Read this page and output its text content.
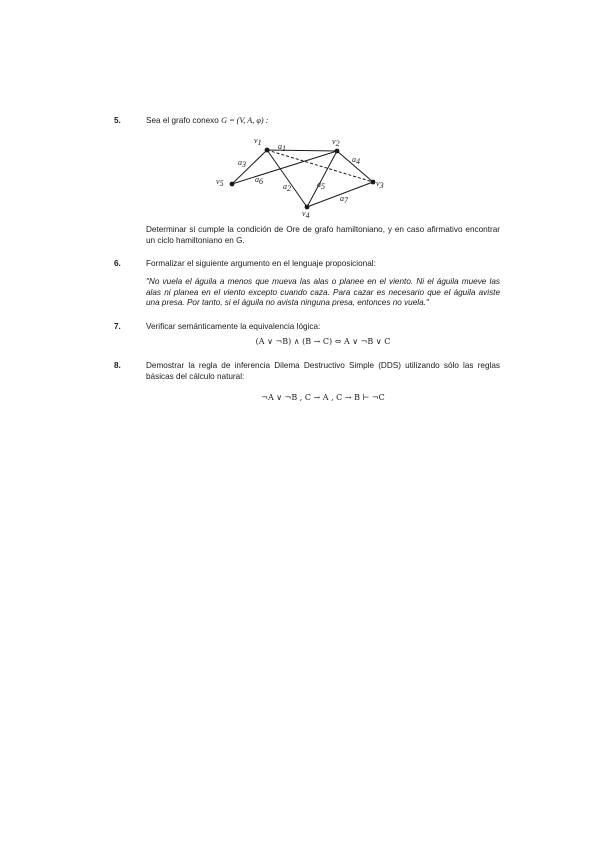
5.	Sea el grafo conexo G = (V, A, φ) :
v1	v2
v3
v4
v5
a1
a2
a3
a4
a5
a6
a7
Determinar si cumple la condición de Ore de grafo hamiltoniano, y en caso afirmativo encontrar un ciclo hamiltoniano en G.
6.	Formalizar el siguiente argumento en el lenguaje proposicional:
"No vuela el águila a menos que mueva las alas o planee en el viento. Ni el águila mueve las alas ni planea en el viento excepto cuando caza. Para cazar es necesario que el águila aviste una presa. Por tanto, si el águila no avista ninguna presa, entonces no vuela."
7.	Verificar semánticamente la equivalencia lógica:
(A ∨ ¬B) ∧ (B → C) ⇔ A ∨ ¬B ∨ C
8.	Demostrar la regla de inferencia Dilema Destructivo Simple (DDS) utilizando sólo las reglas básicas del cálculo natural:
¬A ∨ ¬B , C → A , C → B ⊢ ¬C
